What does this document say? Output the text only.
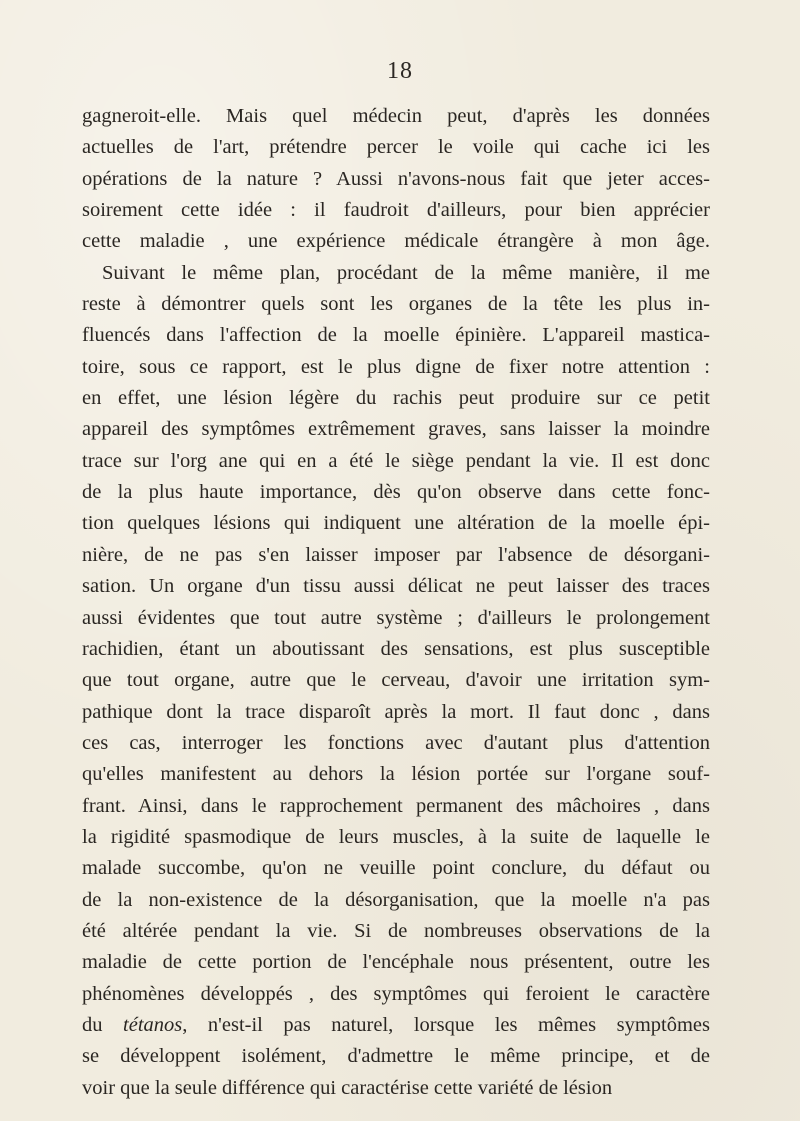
18
gagneroit-elle. Mais quel médecin peut, d'après les données
actuelles de l'art, prétendre percer le voile qui cache ici les
opérations de la nature ? Aussi n'avons-nous fait que jeter acces-
soirement cette idée : il faudroit d'ailleurs, pour bien apprécier
cette maladie , une expérience médicale étrangère à mon âge.
Suivant le même plan, procédant de la même manière, il me
reste à démontrer quels sont les organes de la tête les plus in-
fluencés dans l'affection de la moelle épinière. L'appareil mastica-
toire, sous ce rapport, est le plus digne de fixer notre attention :
en effet, une lésion légère du rachis peut produire sur ce petit
appareil des symptômes extrêmement graves, sans laisser la moindre
trace sur l'org ane qui en a été le siège pendant la vie. Il est donc
de la plus haute importance, dès qu'on observe dans cette fonc-
tion quelques lésions qui indiquent une altération de la moelle épi-
nière, de ne pas s'en laisser imposer par l'absence de désorgani-
sation. Un organe d'un tissu aussi délicat ne peut laisser des traces
aussi évidentes que tout autre système ; d'ailleurs le prolongement
rachidien, étant un aboutissant des sensations, est plus susceptible
que tout organe, autre que le cerveau, d'avoir une irritation sym-
pathique dont la trace disparoît après la mort. Il faut donc , dans
ces cas, interroger les fonctions avec d'autant plus d'attention
qu'elles manifestent au dehors la lésion portée sur l'organe souf-
frant. Ainsi, dans le rapprochement permanent des mâchoires , dans
la rigidité spasmodique de leurs muscles, à la suite de laquelle le
malade succombe, qu'on ne veuille point conclure, du défaut ou
de la non-existence de la désorganisation, que la moelle n'a pas
été altérée pendant la vie. Si de nombreuses observations de la
maladie de cette portion de l'encéphale nous présentent, outre les
phénomènes développés , des symptômes qui feroient le caractère
du tétanos, n'est-il pas naturel, lorsque les mêmes symptômes
se développent isolément, d'admettre le même principe, et de
voir que la seule différence qui caractérise cette variété de lésion
